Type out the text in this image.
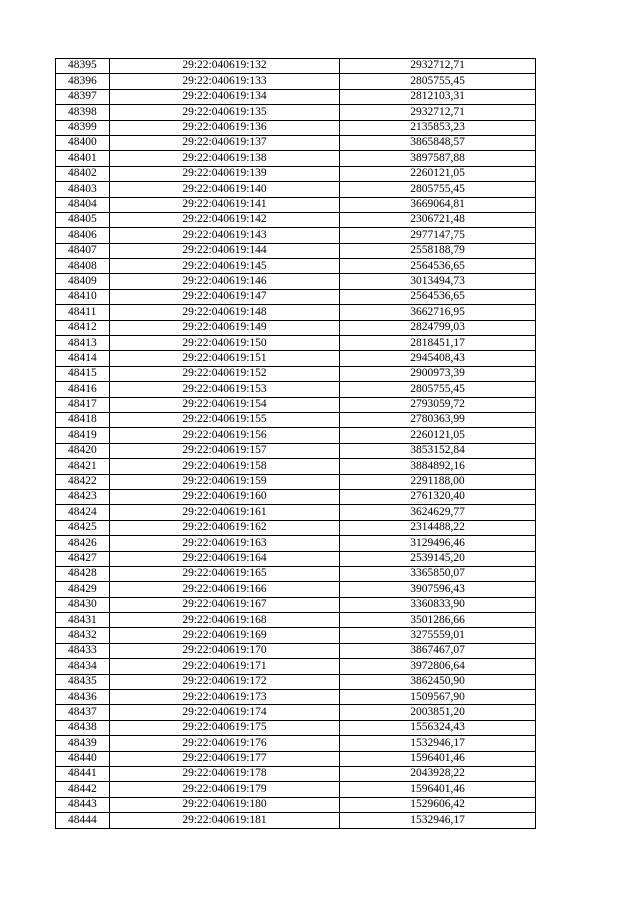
48395	29:22:040619:132	2932712,71
48396	29:22:040619:133	2805755,45
48397	29:22:040619:134	2812103,31
48398	29:22:040619:135	2932712,71
48399	29:22:040619:136	2135853,23
48400	29:22:040619:137	3865848,57
48401	29:22:040619:138	3897587,88
48402	29:22:040619:139	2260121,05
48403	29:22:040619:140	2805755,45
48404	29:22:040619:141	3669064,81
48405	29:22:040619:142	2306721,48
48406	29:22:040619:143	2977147,75
48407	29:22:040619:144	2558188,79
48408	29:22:040619:145	2564536,65
48409	29:22:040619:146	3013494,73
48410	29:22:040619:147	2564536,65
48411	29:22:040619:148	3662716,95
48412	29:22:040619:149	2824799,03
48413	29:22:040619:150	2818451,17
48414	29:22:040619:151	2945408,43
48415	29:22:040619:152	2900973,39
48416	29:22:040619:153	2805755,45
48417	29:22:040619:154	2793059,72
48418	29:22:040619:155	2780363,99
48419	29:22:040619:156	2260121,05
48420	29:22:040619:157	3853152,84
48421	29:22:040619:158	3884892,16
48422	29:22:040619:159	2291188,00
48423	29:22:040619:160	2761320,40
48424	29:22:040619:161	3624629,77
48425	29:22:040619:162	2314488,22
48426	29:22:040619:163	3129496,46
48427	29:22:040619:164	2539145,20
48428	29:22:040619:165	3365850,07
48429	29:22:040619:166	3907596,43
48430	29:22:040619:167	3360833,90
48431	29:22:040619:168	3501286,66
48432	29:22:040619:169	3275559,01
48433	29:22:040619:170	3867467,07
48434	29:22:040619:171	3972806,64
48435	29:22:040619:172	3862450,90
48436	29:22:040619:173	1509567,90
48437	29:22:040619:174	2003851,20
48438	29:22:040619:175	1556324,43
48439	29:22:040619:176	1532946,17
48440	29:22:040619:177	1596401,46
48441	29:22:040619:178	2043928,22
48442	29:22:040619:179	1596401,46
48443	29:22:040619:180	1529606,42
48444	29:22:040619:181	1532946,17
